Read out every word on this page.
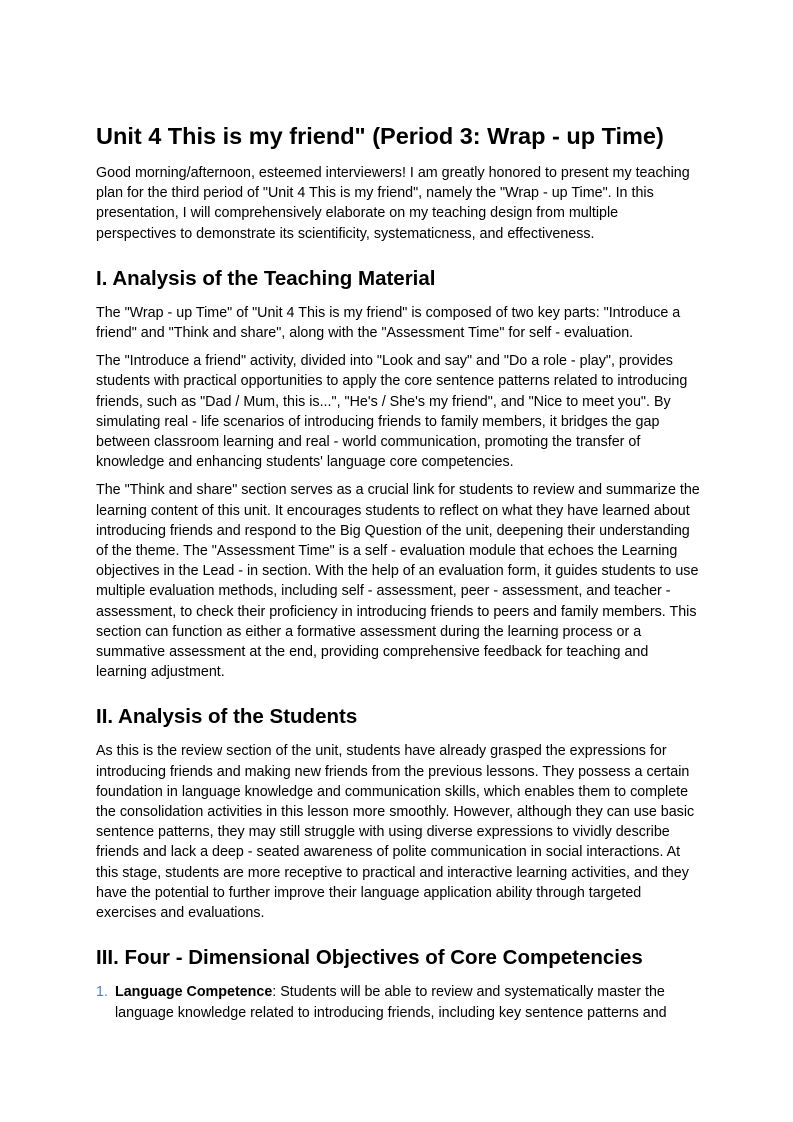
Unit 4 This is my friend" (Period 3: Wrap - up Time)

Good morning/afternoon, esteemed interviewers! I am greatly honored to present my teaching plan for the third period of "Unit 4 This is my friend", namely the "Wrap - up Time". In this presentation, I will comprehensively elaborate on my teaching design from multiple perspectives to demonstrate its scientificity, systematicness, and effectiveness.

I. Analysis of the Teaching Material

The "Wrap - up Time" of "Unit 4 This is my friend" is composed of two key parts: "Introduce a friend" and "Think and share", along with the "Assessment Time" for self - evaluation.

The "Introduce a friend" activity, divided into "Look and say" and "Do a role - play", provides students with practical opportunities to apply the core sentence patterns related to introducing friends, such as "Dad / Mum, this is...", "He's / She's my friend", and "Nice to meet you". By simulating real - life scenarios of introducing friends to family members, it bridges the gap between classroom learning and real - world communication, promoting the transfer of knowledge and enhancing students' language core competencies.

The "Think and share" section serves as a crucial link for students to review and summarize the learning content of this unit. It encourages students to reflect on what they have learned about introducing friends and respond to the Big Question of the unit, deepening their understanding of the theme. The "Assessment Time" is a self - evaluation module that echoes the Learning objectives in the Lead - in section. With the help of an evaluation form, it guides students to use multiple evaluation methods, including self - assessment, peer - assessment, and teacher - assessment, to check their proficiency in introducing friends to peers and family members. This section can function as either a formative assessment during the learning process or a summative assessment at the end, providing comprehensive feedback for teaching and learning adjustment.

II. Analysis of the Students

As this is the review section of the unit, students have already grasped the expressions for introducing friends and making new friends from the previous lessons. They possess a certain foundation in language knowledge and communication skills, which enables them to complete the consolidation activities in this lesson more smoothly. However, although they can use basic sentence patterns, they may still struggle with using diverse expressions to vividly describe friends and lack a deep - seated awareness of polite communication in social interactions. At this stage, students are more receptive to practical and interactive learning activities, and they have the potential to further improve their language application ability through targeted exercises and evaluations.

III. Four - Dimensional Objectives of Core Competencies
1. Language Competence: Students will be able to review and systematically master the language knowledge related to introducing friends, including key sentence patterns and
